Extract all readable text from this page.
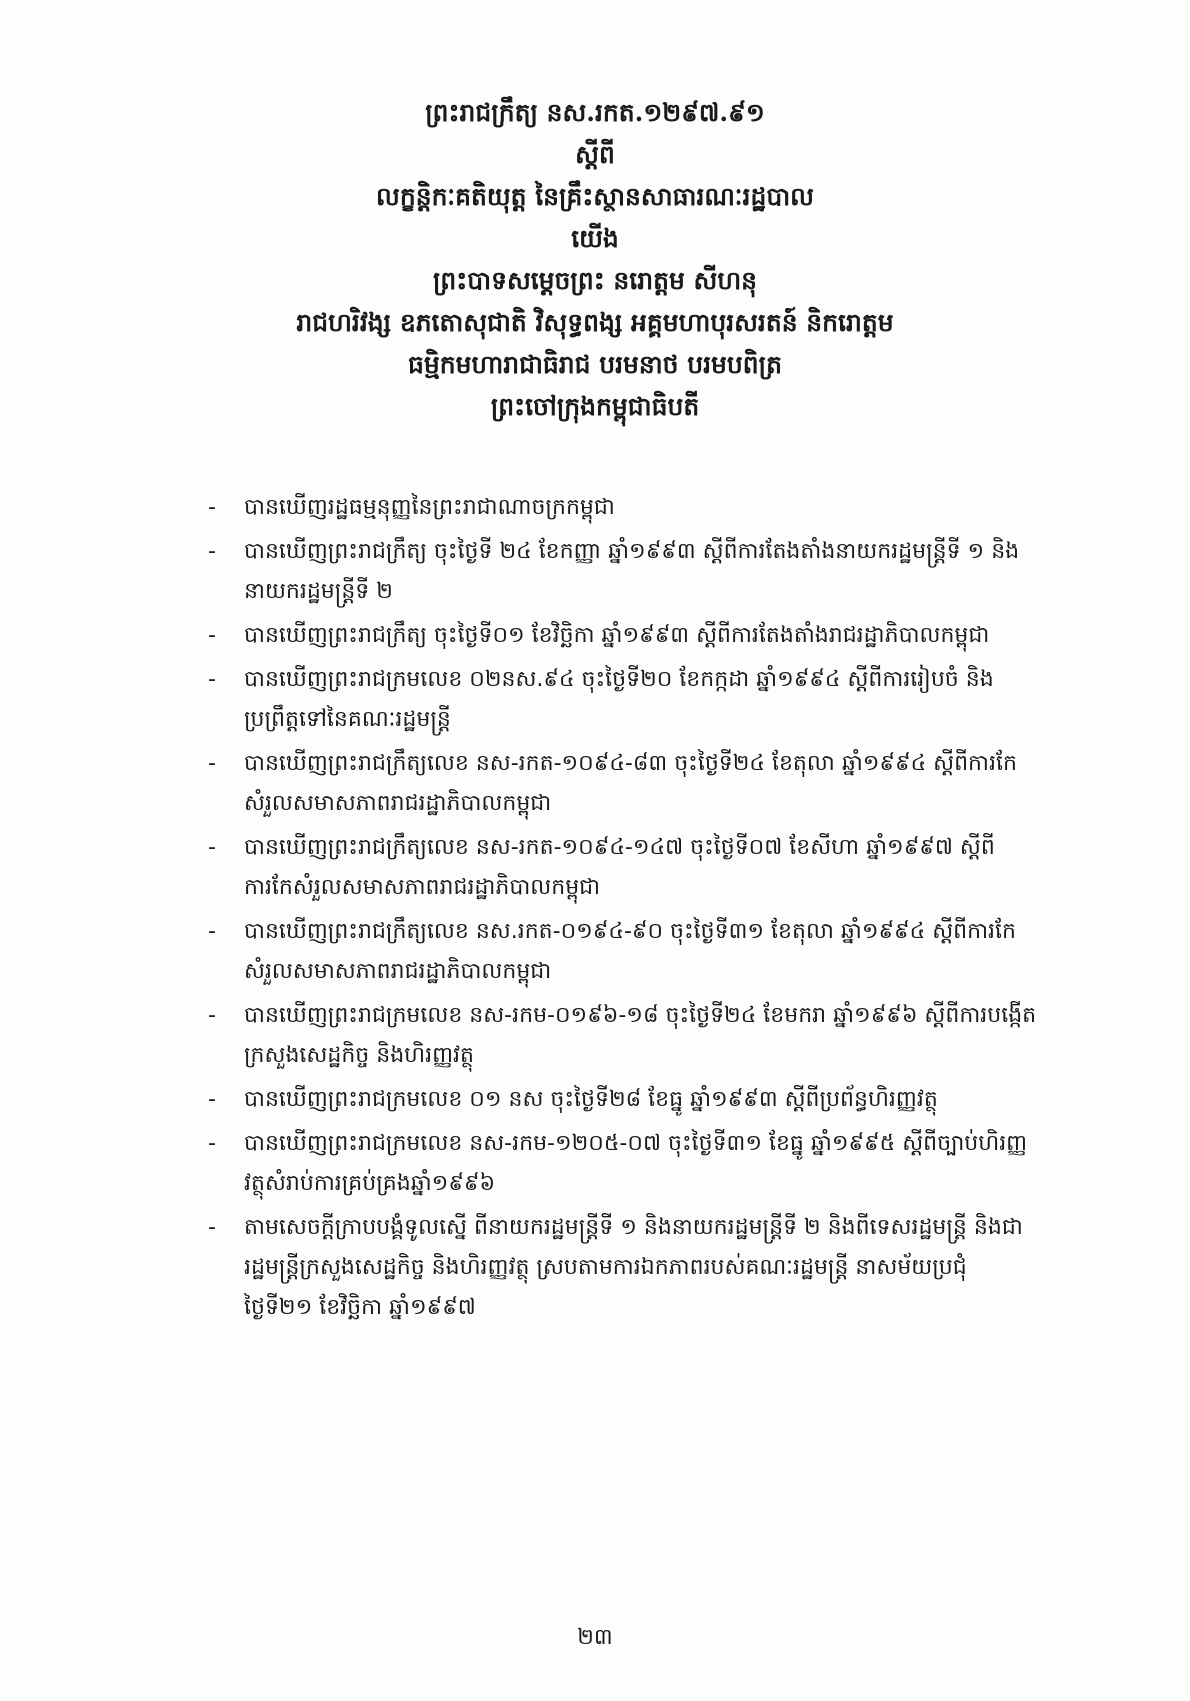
ព្រះរាជក្រឹត្យ នស.រកត.១២៩៧.៩១
ស្តីពី
លក្ខន្តិកៈគតិយុត្ត នៃគ្រឹះស្ថានសាធារណៈរដ្ឋបាល
យើង
ព្រះបាទសម្តេចព្រះ នរោត្តម សីហនុ
រាជហរិវង្ស ឧភតោសុជាតិ វិសុទ្ធពង្ស អគ្គមហាបុរសរតន៍ និករោត្តម
ធម្មិកមហារាជាធិរាជ បរមនាថ បរមបពិត្រ
ព្រះចៅក្រុងកម្ពុជាធិបតី
- បានឃើញរដ្ឋធម្មនុញ្ញនៃព្រះរាជាណាចក្រកម្ពុជា
- បានឃើញព្រះរាជក្រឹត្យ ចុះថ្ងៃទី ២៤ ខែកញ្ញា ឆ្នាំ១៩៩៣ ស្តីពីការតែងតាំងនាយករដ្ឋមន្ត្រីទី ១ និងនាយករដ្ឋមន្ត្រីទី ២
- បានឃើញព្រះរាជក្រឹត្យ ចុះថ្ងៃទី០១ ខែវិច្ឆិកា ឆ្នាំ១៩៩៣ ស្តីពីការតែងតាំងរាជរដ្ឋាភិបាលកម្ពុជា
- បានឃើញព្រះរាជក្រមលេខ ០២នស.៩៤ ចុះថ្ងៃទី២០ ខែកក្កដា ឆ្នាំ១៩៩៤ ស្តីពីការរៀបចំ និងប្រព្រឹត្តទៅនៃគណៈរដ្ឋមន្ត្រី
- បានឃើញព្រះរាជក្រឹត្យលេខ នស-រកត-១០៩៤-៨៣ ចុះថ្ងៃទី២៤ ខែតុលា ឆ្នាំ១៩៩៤ ស្តីពីការកែសំរួលសមាសភាពរាជរដ្ឋាភិបាលកម្ពុជា
- បានឃើញព្រះរាជក្រឹត្យលេខ នស-រកត-១០៩៤-១៤៧ ចុះថ្ងៃទី០៧ ខែសីហា ឆ្នាំ១៩៩៧ ស្តីពីការកែសំរួលសមាសភាពរាជរដ្ឋាភិបាលកម្ពុជា
- បានឃើញព្រះរាជក្រឹត្យលេខ នស.រកត-០១៩៤-៩០ ចុះថ្ងៃទី៣១ ខែតុលា ឆ្នាំ១៩៩៤ ស្តីពីការកែសំរួលសមាសភាពរាជរដ្ឋាភិបាលកម្ពុជា
- បានឃើញព្រះរាជក្រមលេខ នស-រកម-០១៩៦-១៨ ចុះថ្ងៃទី២៤ ខែមករា ឆ្នាំ១៩៩៦ ស្តីពីការបង្កើតក្រសួងសេដ្ឋកិច្ច និងហិរញ្ញវត្ថុ
- បានឃើញព្រះរាជក្រមលេខ ០១ នស ចុះថ្ងៃទី២៨ ខែធ្នូ ឆ្នាំ១៩៩៣ ស្តីពីប្រព័ន្ធហិរញ្ញវត្ថុ
- បានឃើញព្រះរាជក្រមលេខ នស-រកម-១២០៥-០៧ ចុះថ្ងៃទី៣១ ខែធ្នូ ឆ្នាំ១៩៩៥ ស្តីពីច្បាប់ហិរញ្ញវត្ថុសំរាប់ការគ្រប់គ្រងឆ្នាំ១៩៩៦
- តាមសេចក្តីក្រាបបង្គំទូលស្នើ ពីនាយករដ្ឋមន្ត្រីទី ១ និងនាយករដ្ឋមន្ត្រីទី ២ និងពីទេសរដ្ឋមន្ត្រី និងជារដ្ឋមន្ត្រីក្រសួងសេដ្ឋកិច្ច និងហិរញ្ញវត្ថុ ស្របតាមការឯកភាពរបស់គណៈរដ្ឋមន្ត្រី នាសម័យប្រជុំ ថ្ងៃទី២១ ខែវិច្ឆិកា ឆ្នាំ១៩៩៧
២៣
